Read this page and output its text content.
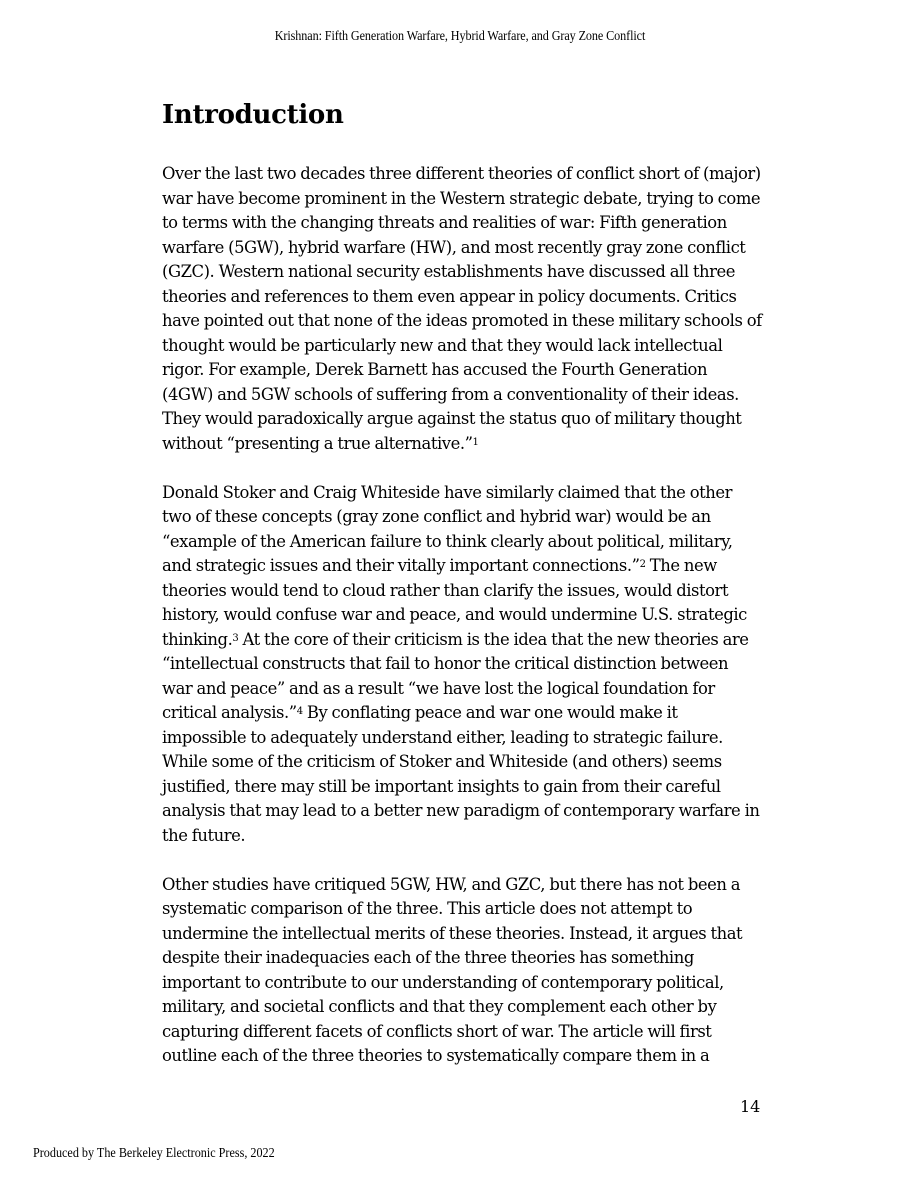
Krishnan: Fifth Generation Warfare, Hybrid Warfare, and Gray Zone Conflict
Introduction

Over the last two decades three different theories of conflict short of (major) war have become prominent in the Western strategic debate, trying to come to terms with the changing threats and realities of war: Fifth generation warfare (5GW), hybrid warfare (HW), and most recently gray zone conflict (GZC). Western national security establishments have discussed all three theories and references to them even appear in policy documents. Critics have pointed out that none of the ideas promoted in these military schools of thought would be particularly new and that they would lack intellectual rigor. For example, Derek Barnett has accused the Fourth Generation (4GW) and 5GW schools of suffering from a conventionality of their ideas. They would paradoxically argue against the status quo of military thought without “presenting a true alternative.”$^1$

Donald Stoker and Craig Whiteside have similarly claimed that the other two of these concepts (gray zone conflict and hybrid war) would be an “example of the American failure to think clearly about political, military, and strategic issues and their vitally important connections.”$^2$ The new theories would tend to cloud rather than clarify the issues, would distort history, would confuse war and peace, and would undermine U.S. strategic thinking.$^3$ At the core of their criticism is the idea that the new theories are “intellectual constructs that fail to honor the critical distinction between war and peace” and as a result “we have lost the logical foundation for critical analysis.”$^4$ By conflating peace and war one would make it impossible to adequately understand either, leading to strategic failure. While some of the criticism of Stoker and Whiteside (and others) seems justified, there may still be important insights to gain from their careful analysis that may lead to a better new paradigm of contemporary warfare in the future.

Other studies have critiqued 5GW, HW, and GZC, but there has not been a systematic comparison of the three. This article does not attempt to undermine the intellectual merits of these theories. Instead, it argues that despite their inadequacies each of the three theories has something important to contribute to our understanding of contemporary political, military, and societal conflicts and that they complement each other by capturing different facets of conflicts short of war. The article will first outline each of the three theories to systematically compare them in a

14
Produced by The Berkeley Electronic Press, 2022
